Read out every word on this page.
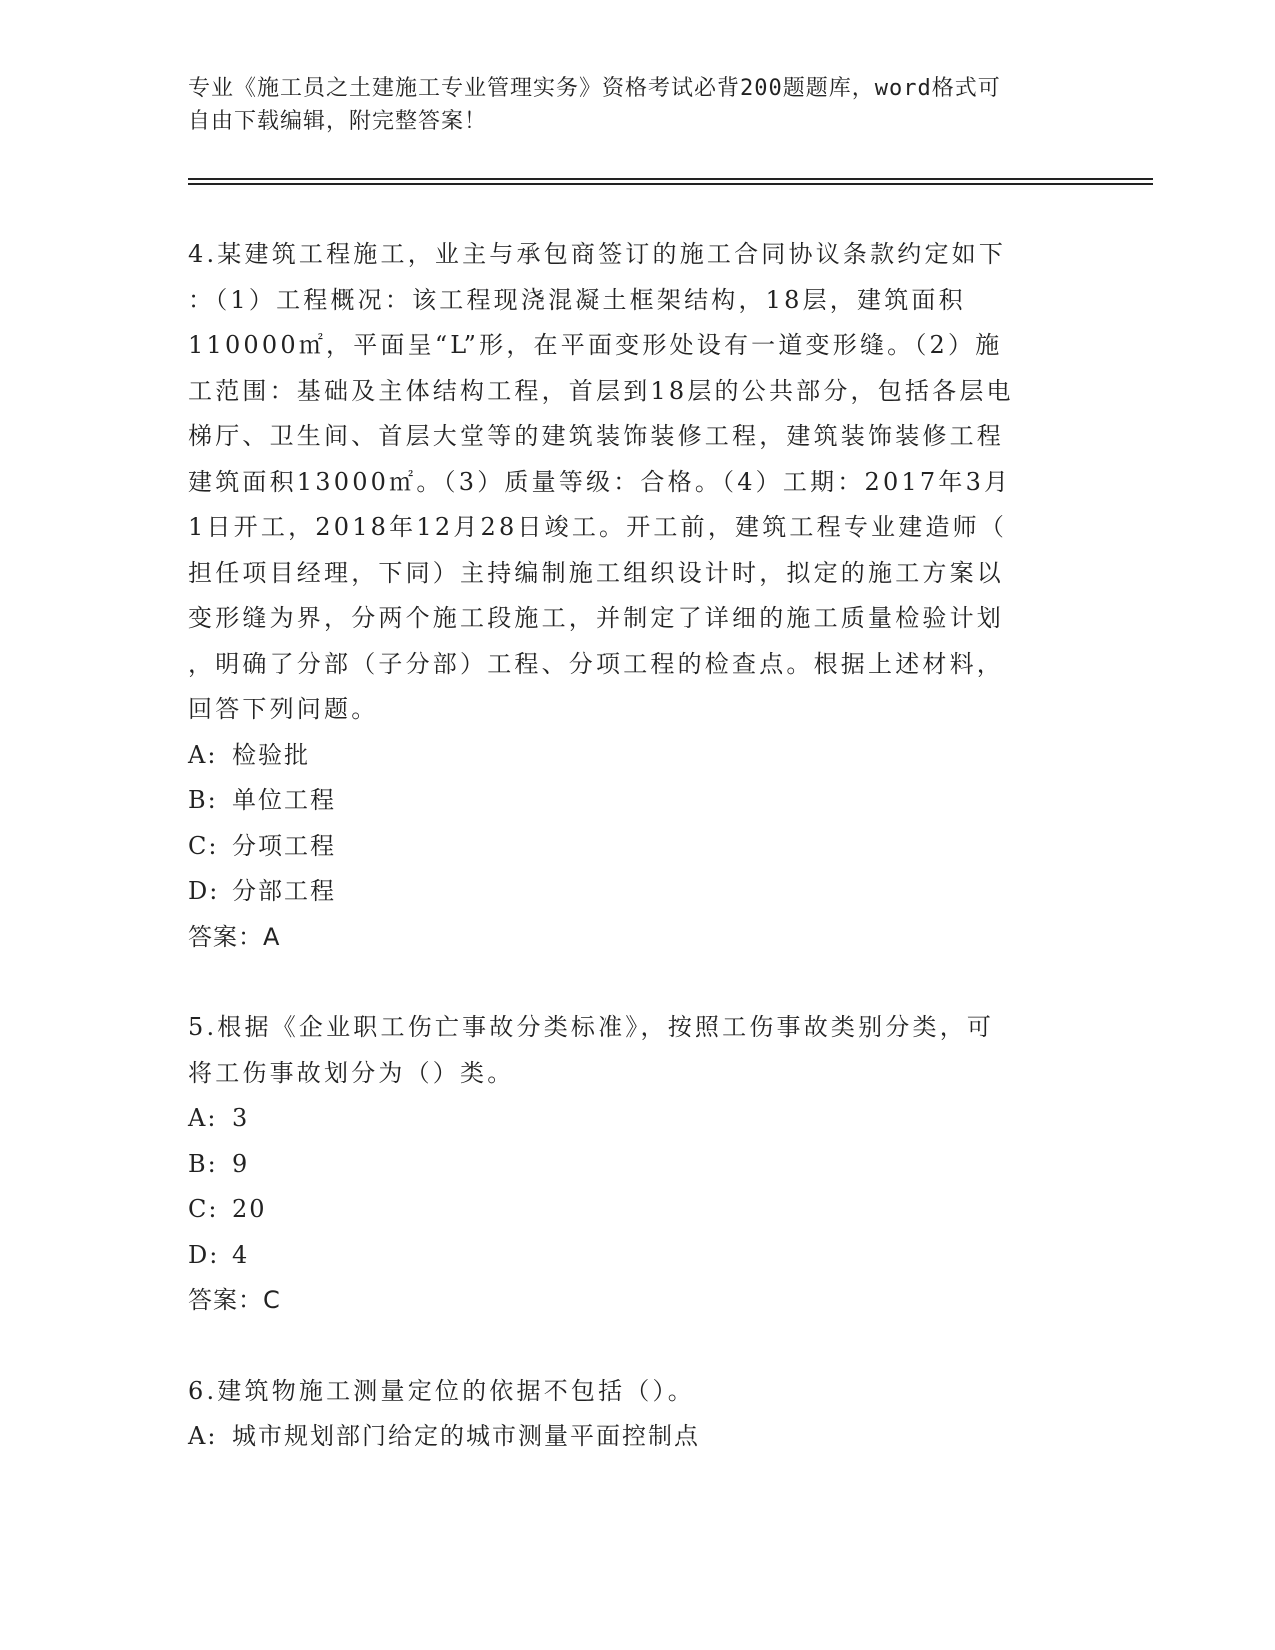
专业《施工员之土建施工专业管理实务》资格考试必背200题题库，word格式可
自由下载编辑，附完整答案！
4.某建筑工程施工，业主与承包商签订的施工合同协议条款约定如下
：（1）工程概况：该工程现浇混凝土框架结构，18层，建筑面积
110000㎡，平面呈“L”形，在平面变形处设有一道变形缝。（2）施
工范围：基础及主体结构工程，首层到18层的公共部分，包括各层电
梯厅、卫生间、首层大堂等的建筑装饰装修工程，建筑装饰装修工程
建筑面积13000㎡。（3）质量等级：合格。（4）工期：2017年3月
1日开工，2018年12月28日竣工。开工前，建筑工程专业建造师（
担任项目经理，下同）主持编制施工组织设计时，拟定的施工方案以
变形缝为界，分两个施工段施工，并制定了详细的施工质量检验计划
，明确了分部（子分部）工程、分项工程的检查点。根据上述材料，
回答下列问题。
A: 检验批
B: 单位工程
C: 分项工程
D: 分部工程
答案：A
5.根据《企业职工伤亡事故分类标准》，按照工伤事故类别分类，可
将工伤事故划分为（）类。
A: 3
B: 9
C: 20
D: 4
答案：C
6.建筑物施工测量定位的依据不包括（）。
A: 城市规划部门给定的城市测量平面控制点
